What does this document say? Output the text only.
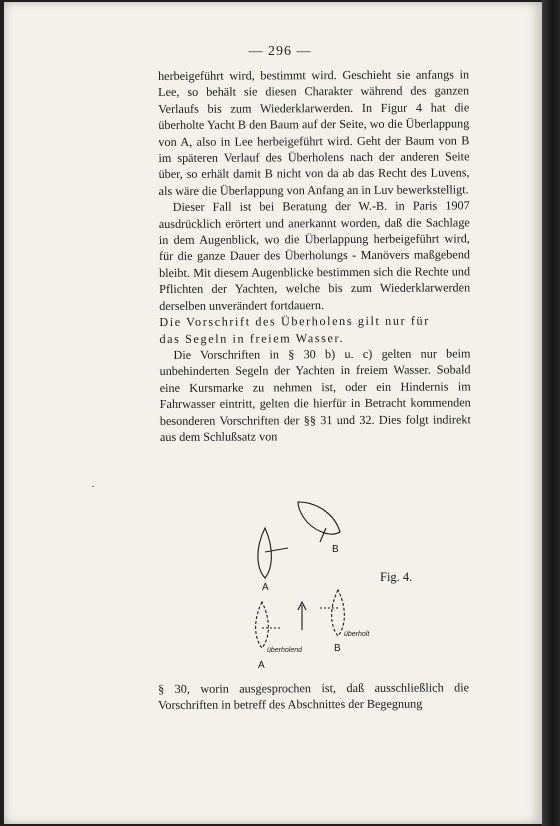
— 296 —

herbeigeführt wird, bestimmt wird. Geschieht sie anfangs in Lee, so behält sie diesen Charakter während des ganzen Verlaufs bis zum Wiederklarwerden. In Figur 4 hat die überholte Yacht B den Baum auf der Seite, wo die Überlappung von A, also in Lee herbeigeführt wird. Geht der Baum von B im späteren Verlauf des Überholens nach der anderen Seite über, so erhält damit B nicht von da ab das Recht des Luvens, als wäre die Überlappung von Anfang an in Luv bewerkstelligt.

Dieser Fall ist bei Beratung der W.-B. in Paris 1907 ausdrücklich erörtert und anerkannt worden, daß die Sachlage in dem Augenblick, wo die Überlappung herbeigeführt wird, für die ganze Dauer des Überholungs - Manövers maßgebend bleibt. Mit diesem Augenblicke bestimmen sich die Rechte und Pflichten der Yachten, welche bis zum Wiederklarwerden derselben unverändert fortdauern.

Die Vorschrift des Überholens gilt nur für

das Segeln in freiem Wasser.

Die Vorschriften in § 30 b) u. c) gelten nur beim unbehinderten Segeln der Yachten in freiem Wasser. Sobald eine Kursmarke zu nehmen ist, oder ein Hindernis im Fahrwasser eintritt, gelten die hierfür in Betracht kommenden besonderen Vorschriften der §§ 31 und 32. Dies folgt indirekt aus dem Schlußsatz von

B
A
überholt
überholend	B
A
Fig. 4.

§ 30, worin ausgesprochen ist, daß ausschließlich die Vorschriften in betreff des Abschnittes der Begegnung
